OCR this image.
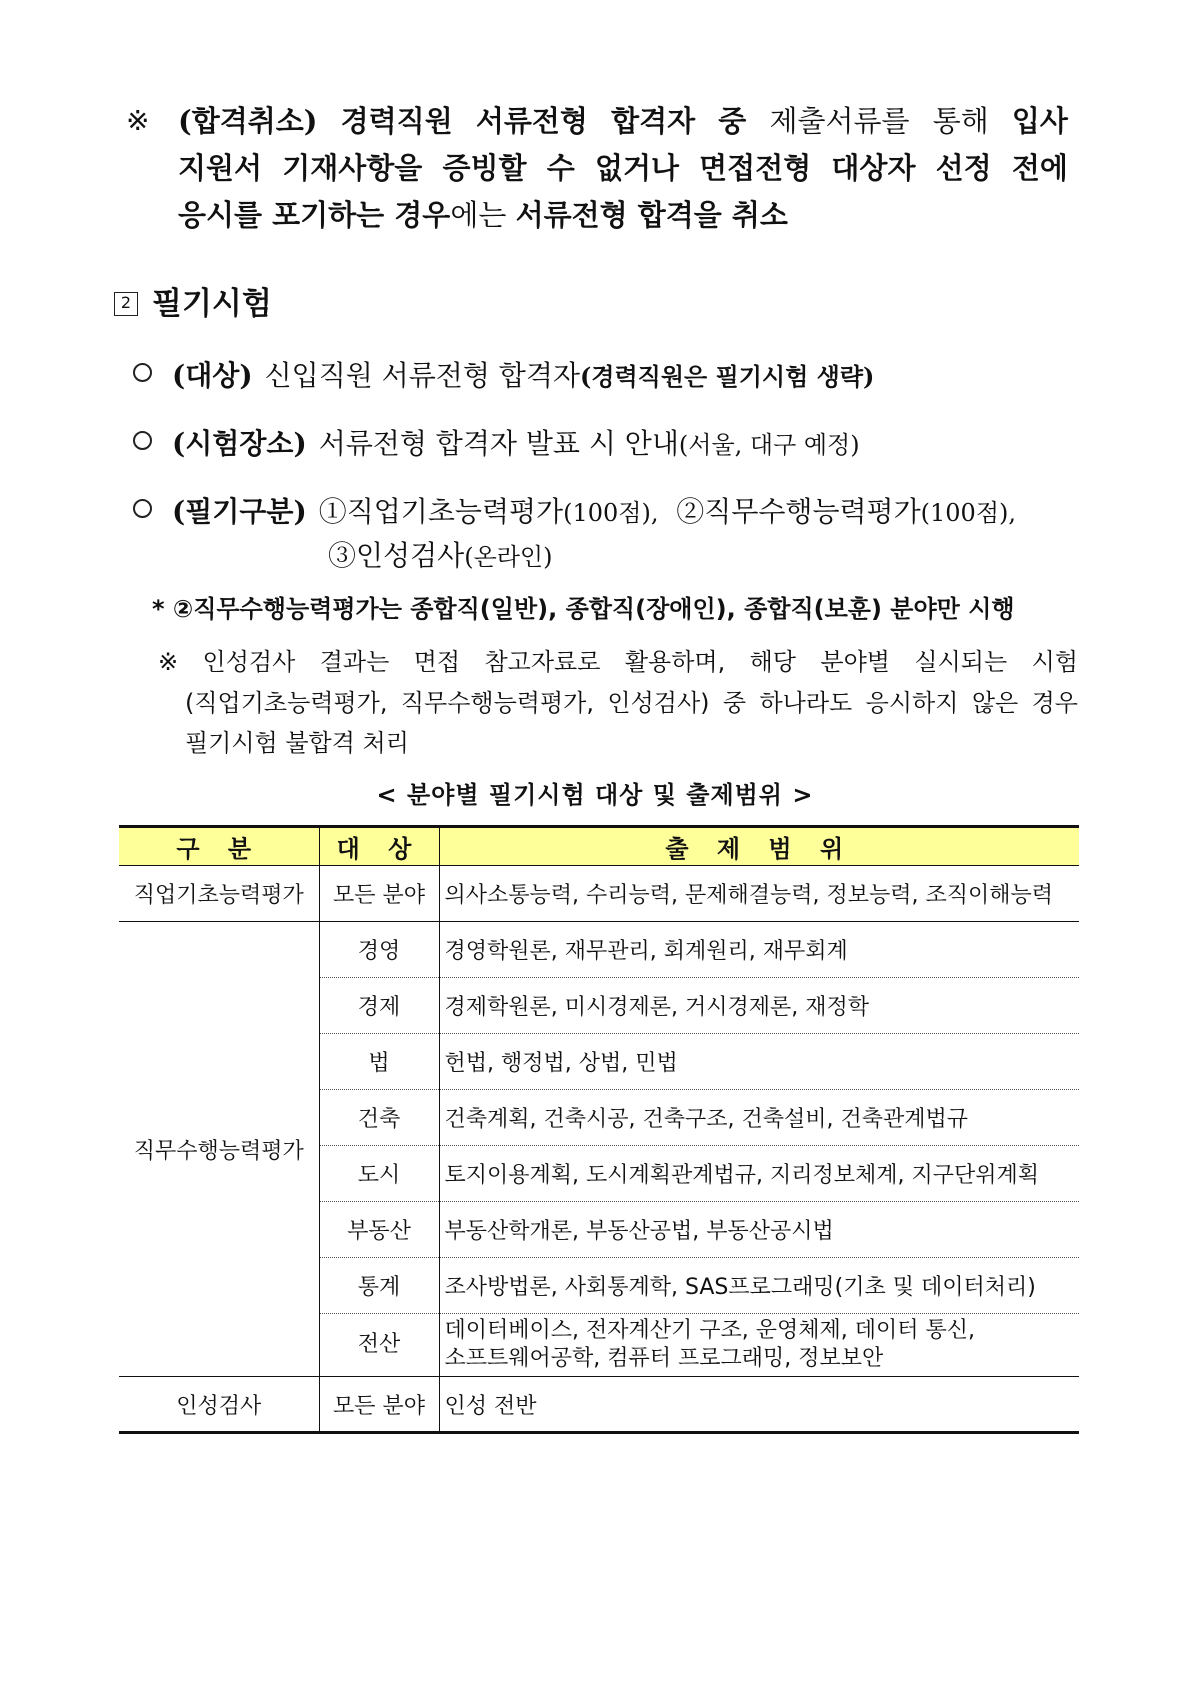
※ (합격취소) 경력직원 서류전형 합격자 중 제출서류를 통해 입사
지원서 기재사항을 증빙할 수 없거나 면접전형 대상자 선정 전에
응시를 포기하는 경우에는 서류전형 합격을 취소
2 필기시험
(대상) 신입직원 서류전형 합격자(경력직원은 필기시험 생략)
(시험장소) 서류전형 합격자 발표 시 안내(서울, 대구 예정)
(필기구분) ①직업기초능력평가(100점), ②직무수행능력평가(100점),
③인성검사(온라인)
* ②직무수행능력평가는 종합직(일반), 종합직(장애인), 종합직(보훈) 분야만 시행
※ 인성검사 결과는 면접 참고자료로 활용하며, 해당 분야별 실시되는 시험
(직업기초능력평가, 직무수행능력평가, 인성검사) 중 하나라도 응시하지 않은 경우
필기시험 불합격 처리
< 분야별 필기시험 대상 및 출제범위 >
구 분	대 상	출 제 범 위
직업기초능력평가	모든 분야	의사소통능력, 수리능력, 문제해결능력, 정보능력, 조직이해능력
직무수행능력평가	경영	경영학원론, 재무관리, 회계원리, 재무회계
	경제	경제학원론, 미시경제론, 거시경제론, 재정학
	법	헌법, 행정법, 상법, 민법
	건축	건축계획, 건축시공, 건축구조, 건축설비, 건축관계법규
	도시	토지이용계획, 도시계획관계법규, 지리정보체계, 지구단위계획
	부동산	부동산학개론, 부동산공법, 부동산공시법
	통계	조사방법론, 사회통계학, SAS프로그래밍(기초 및 데이터처리)
	전산	데이터베이스, 전자계산기 구조, 운영체제, 데이터 통신,
소프트웨어공학, 컴퓨터 프로그래밍, 정보보안

인성검사	모든 분야	인성 전반
